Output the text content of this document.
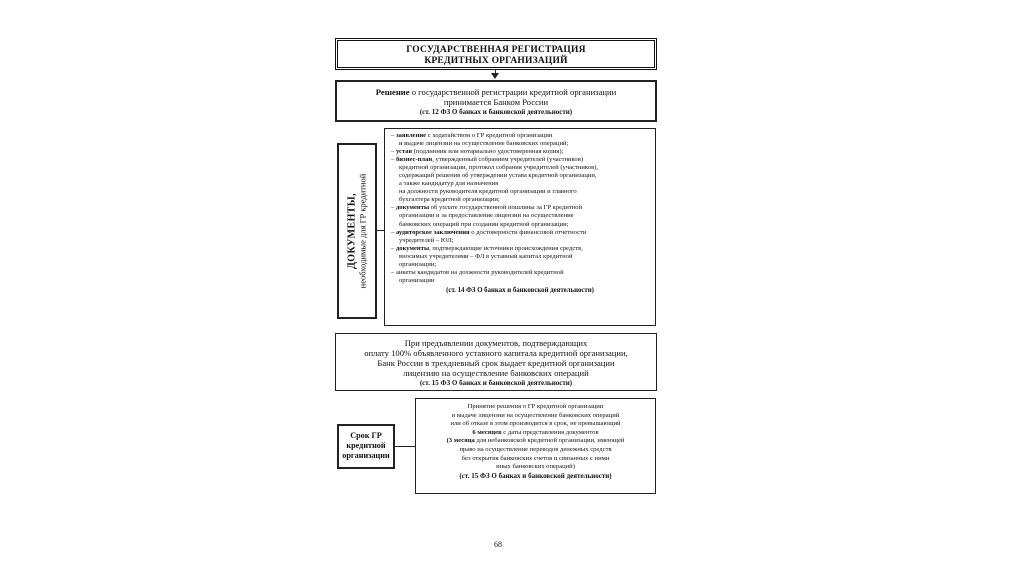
ГОСУДАРСТВЕННАЯ РЕГИСТРАЦИЯ
КРЕДИТНЫХ ОРГАНИЗАЦИЙ
Решение о государственной регистрации кредитной организации
принимается Банком России
(ст. 12 ФЗ О банках и банковской деятельности)
ДОКУМЕНТЫ,
необходимые для ГР кредитной
– заявление с ходатайством о ГР кредитной организации
и выдаче лицензии на осуществление банковских операций;
– устав (подлинник или нотариально удостоверенная копия);
– бизнес-план, утвержденный собранием учредителей (участников)
кредитной организации, протокол собрания учредителей (участников),
содержащий решения об утверждении устава кредитной организации,
а также кандидатур для назначения
на должности руководителя кредитной организации и главного
бухгалтера кредитной организации;
– документы об уплате государственной пошлины за ГР кредитной
организации и за предоставление лицензии на осуществление
банковских операций при создании кредитной организации;
– аудиторское заключения о достоверности финансовой отчетности
учредителей – ЮЛ;
– документы, подтверждающие источники происхождения средств,
вносимых учредителями – ФЛ в уставный капитал кредитной
организации;
– анкеты кандидатов на должности руководителей кредитной
организации
(ст. 14 ФЗ О банках и банковской деятельности)
При предъявлении документов, подтверждающих
оплату 100% объявленного уставного капитала кредитной организации,
Банк России в трехдневный срок выдает кредитной организации
лицензию на осуществление банковских операций
(ст. 15 ФЗ О банках и банковской деятельности)
Срок ГР
кредитной
организации
Принятие решения о ГР кредитной организации
и выдаче лицензии на осуществление банковских операций
или об отказе в этом производится в срок, не превышающий
6 месяцев с даты представления документов
(3 месяца для небанковской кредитной организации, имеющей
право на осуществление переводов денежных средств
без открытия банковских счетов и связанных с ними
иных банковских операций)
(ст. 15 ФЗ О банках и банковской деятельности)
68
